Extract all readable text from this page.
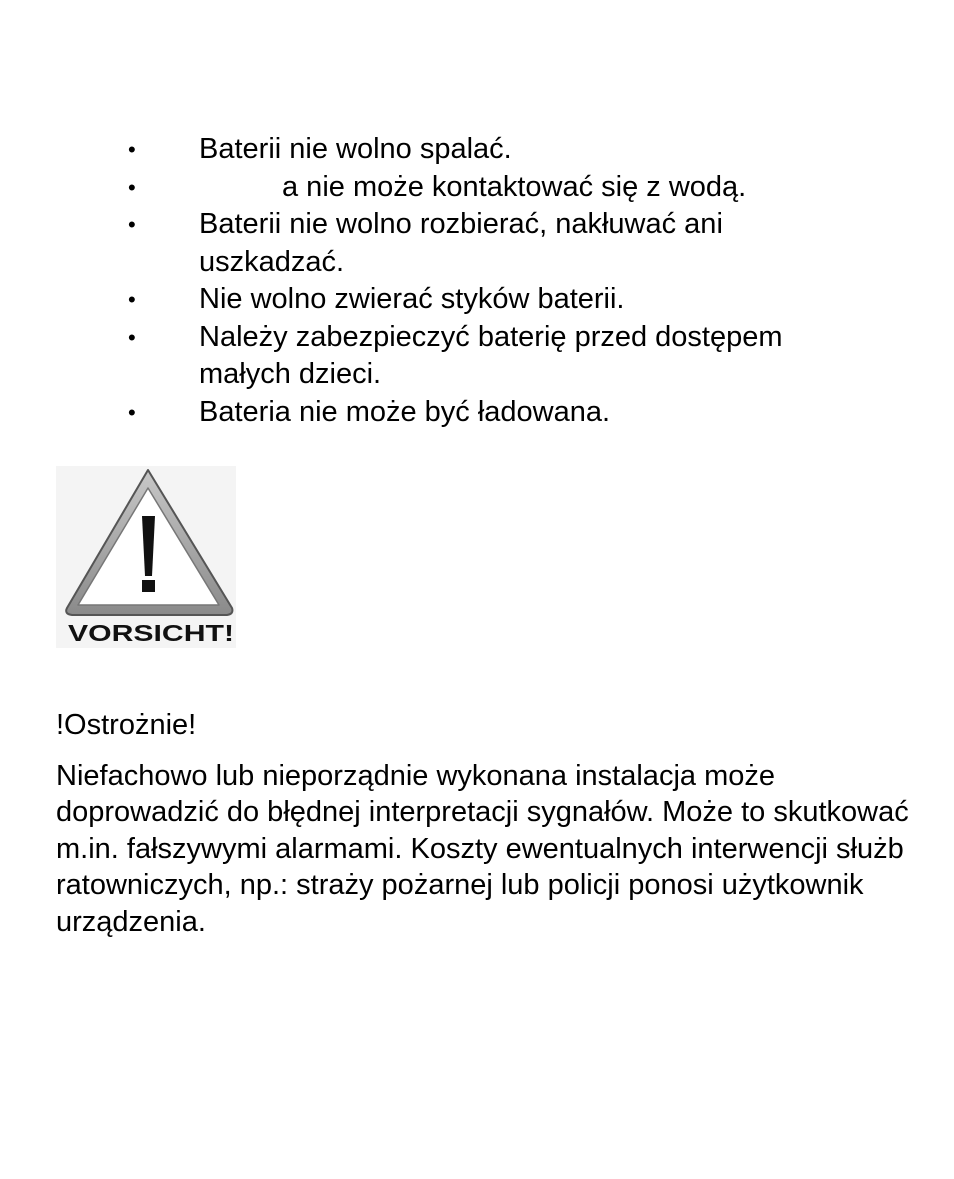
•	Baterii nie wolno spalać.
•	a nie może kontaktować się z wodą.
•	Baterii nie wolno rozbierać, nakłuwać ani uszkadzać.
•	Nie wolno zwierać styków baterii.
•	Należy zabezpieczyć baterię przed dostępem małych dzieci.
•	Bateria nie może być ładowana.
VORSICHT!
!Ostrożnie!

Niefachowo lub nieporządnie wykonana instalacja może doprowadzić do błędnej interpretacji sygnałów. Może to skutkować m.in. fałszywymi alarmami. Koszty ewentualnych interwencji służb ratowniczych, np.: straży pożarnej lub policji ponosi użytkownik urządzenia.
